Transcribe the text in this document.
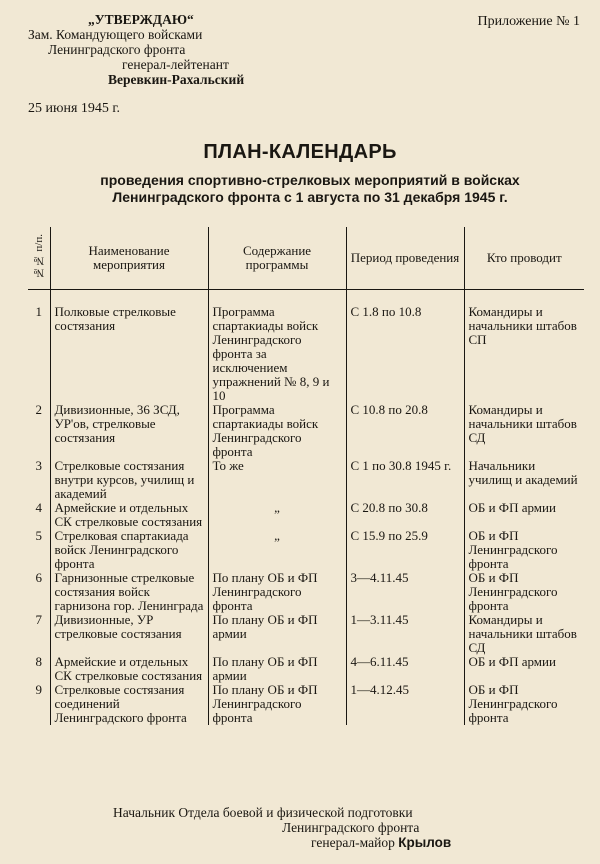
„УТВЕРЖДАЮ“
Зам. Командующего войсками
Ленинградского фронта
генерал-лейтенант
Веревкин-Рахальский
Приложение № 1
25 июня 1945 г.
ПЛАН-КАЛЕНДАРЬ
проведения спортивно-стрелковых мероприятий в войсках
Ленинградского фронта с 1 августа по 31 декабря 1945 г.
№№ п/п.	Наименование мероприятия	Содержание программы	Период проведения	Кто проводит

1	Полковые стрелковые состязания	Программа спартакиады войск Ленинградского фронта за исключением упражнений № 8, 9 и 10	С 1.8 по 10.8	Командиры и начальники штабов СП
2	Дивизионные, 36 ЗСД, УР'ов, стрелковые состязания	Программа спартакиады войск Ленинградского фронта	С 10.8 по 20.8	Командиры и начальники штабов СД
3	Стрелковые состязания внутри курсов, училищ и академий	То же	С 1 по 30.8 1945 г.	Начальники училищ и академий
4	Армейские и отдельных СК стрелковые состязания	„	С 20.8 по 30.8	ОБ и ФП армии
5	Стрелковая спартакиада войск Ленинградского фронта	„	С 15.9 по 25.9	ОБ и ФП Ленинградского фронта
6	Гарнизонные стрелковые состязания войск гарнизона гор. Ленинграда	По плану ОБ и ФП Ленинградского фронта	3—4.11.45	ОБ и ФП Ленинградского фронта
7	Дивизионные, УР стрелковые состязания	По плану ОБ и ФП армии	1—3.11.45	Командиры и начальники штабов СД
8	Армейские и отдельных СК стрелковые состязания	По плану ОБ и ФП армии	4—6.11.45	ОБ и ФП армии
9	Стрелковые состязания соединений Ленинградского фронта	По плану ОБ и ФП Ленинградского фронта	1—4.12.45	ОБ и ФП Ленинградского фронта
Начальник Отдела боевой и физической подготовки
Ленинградского фронта
генерал-майор Крылов
